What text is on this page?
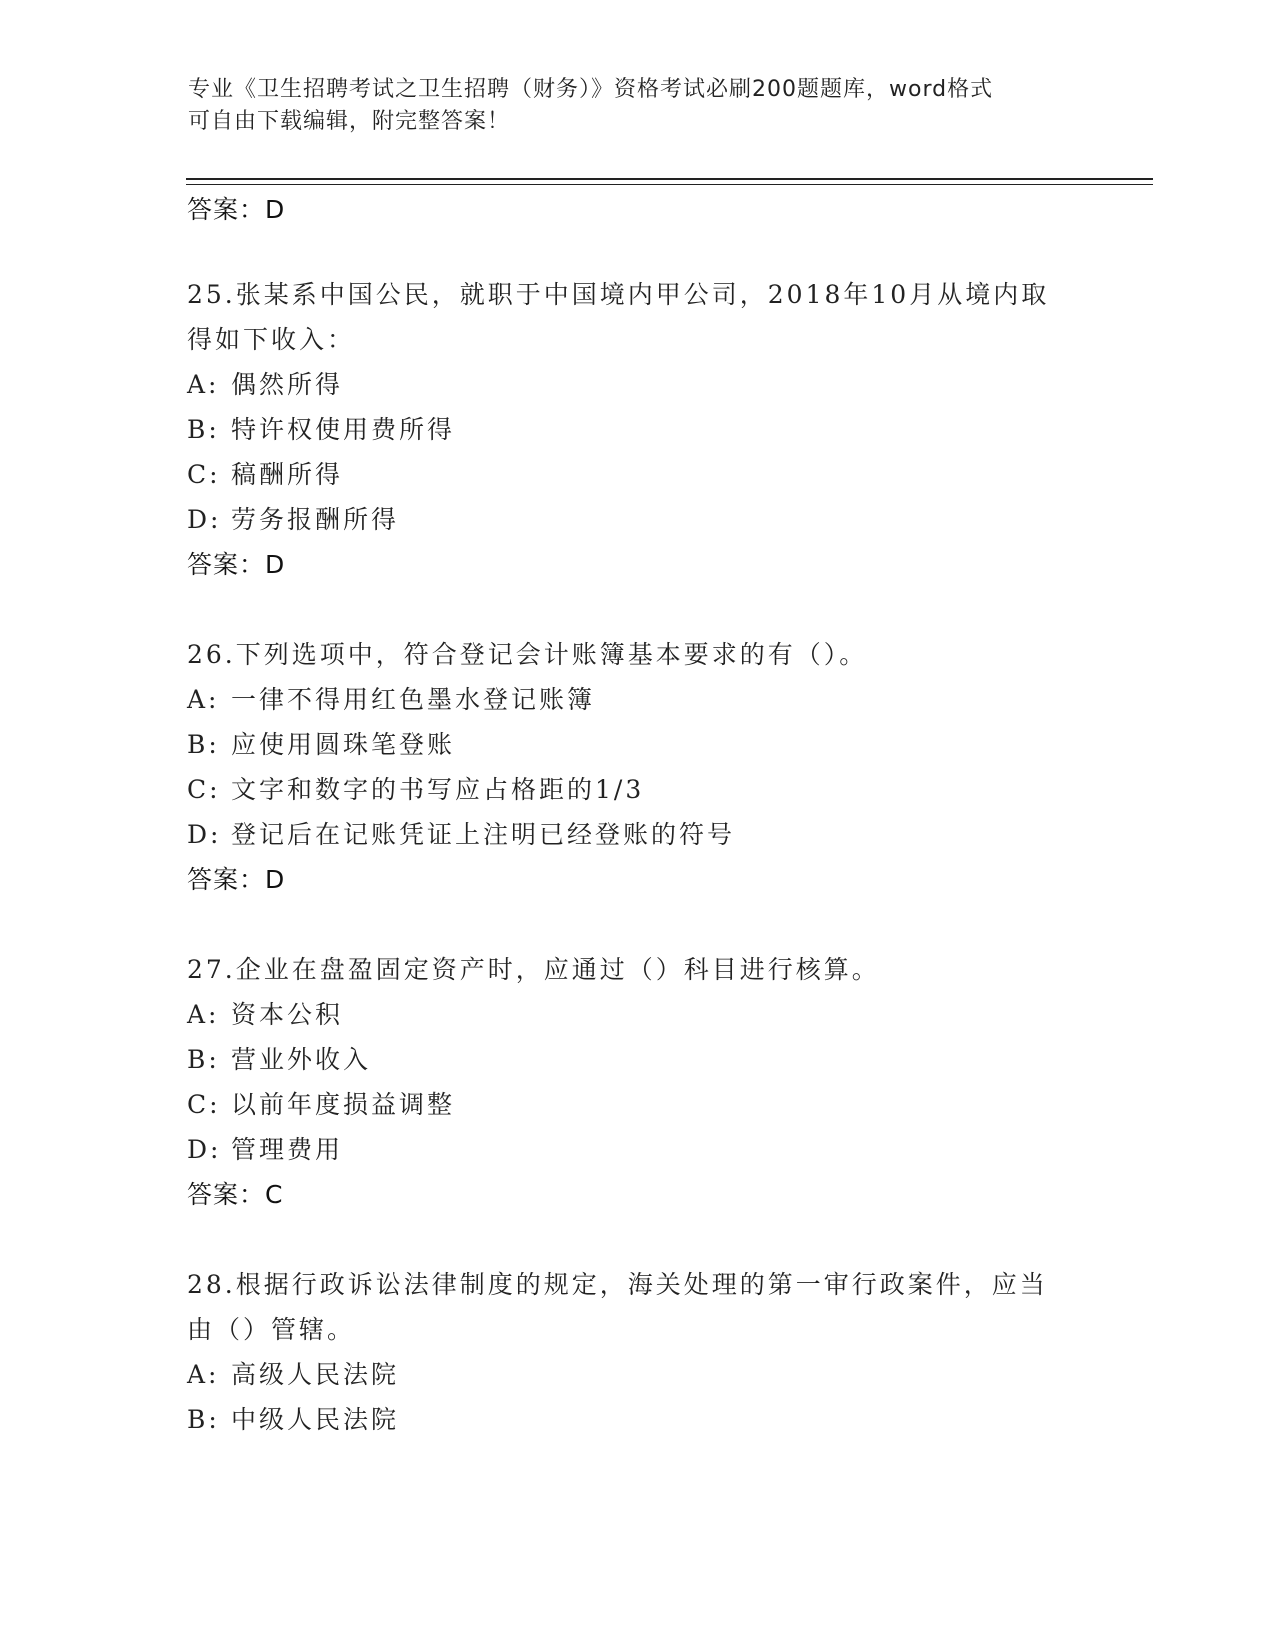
专业《卫生招聘考试之卫生招聘（财务）》资格考试必刷200题题库，word格式
可自由下载编辑，附完整答案！
答案：D
25.张某系中国公民，就职于中国境内甲公司，2018年10月从境内取
得如下收入：
A: 偶然所得
B: 特许权使用费所得
C: 稿酬所得
D: 劳务报酬所得
答案：D
26.下列选项中，符合登记会计账簿基本要求的有（）。
A: 一律不得用红色墨水登记账簿
B: 应使用圆珠笔登账
C: 文字和数字的书写应占格距的1/3
D: 登记后在记账凭证上注明已经登账的符号
答案：D
27.企业在盘盈固定资产时，应通过（）科目进行核算。
A: 资本公积
B: 营业外收入
C: 以前年度损益调整
D: 管理费用
答案：C
28.根据行政诉讼法律制度的规定，海关处理的第一审行政案件，应当
由（）管辖。
A: 高级人民法院
B: 中级人民法院
